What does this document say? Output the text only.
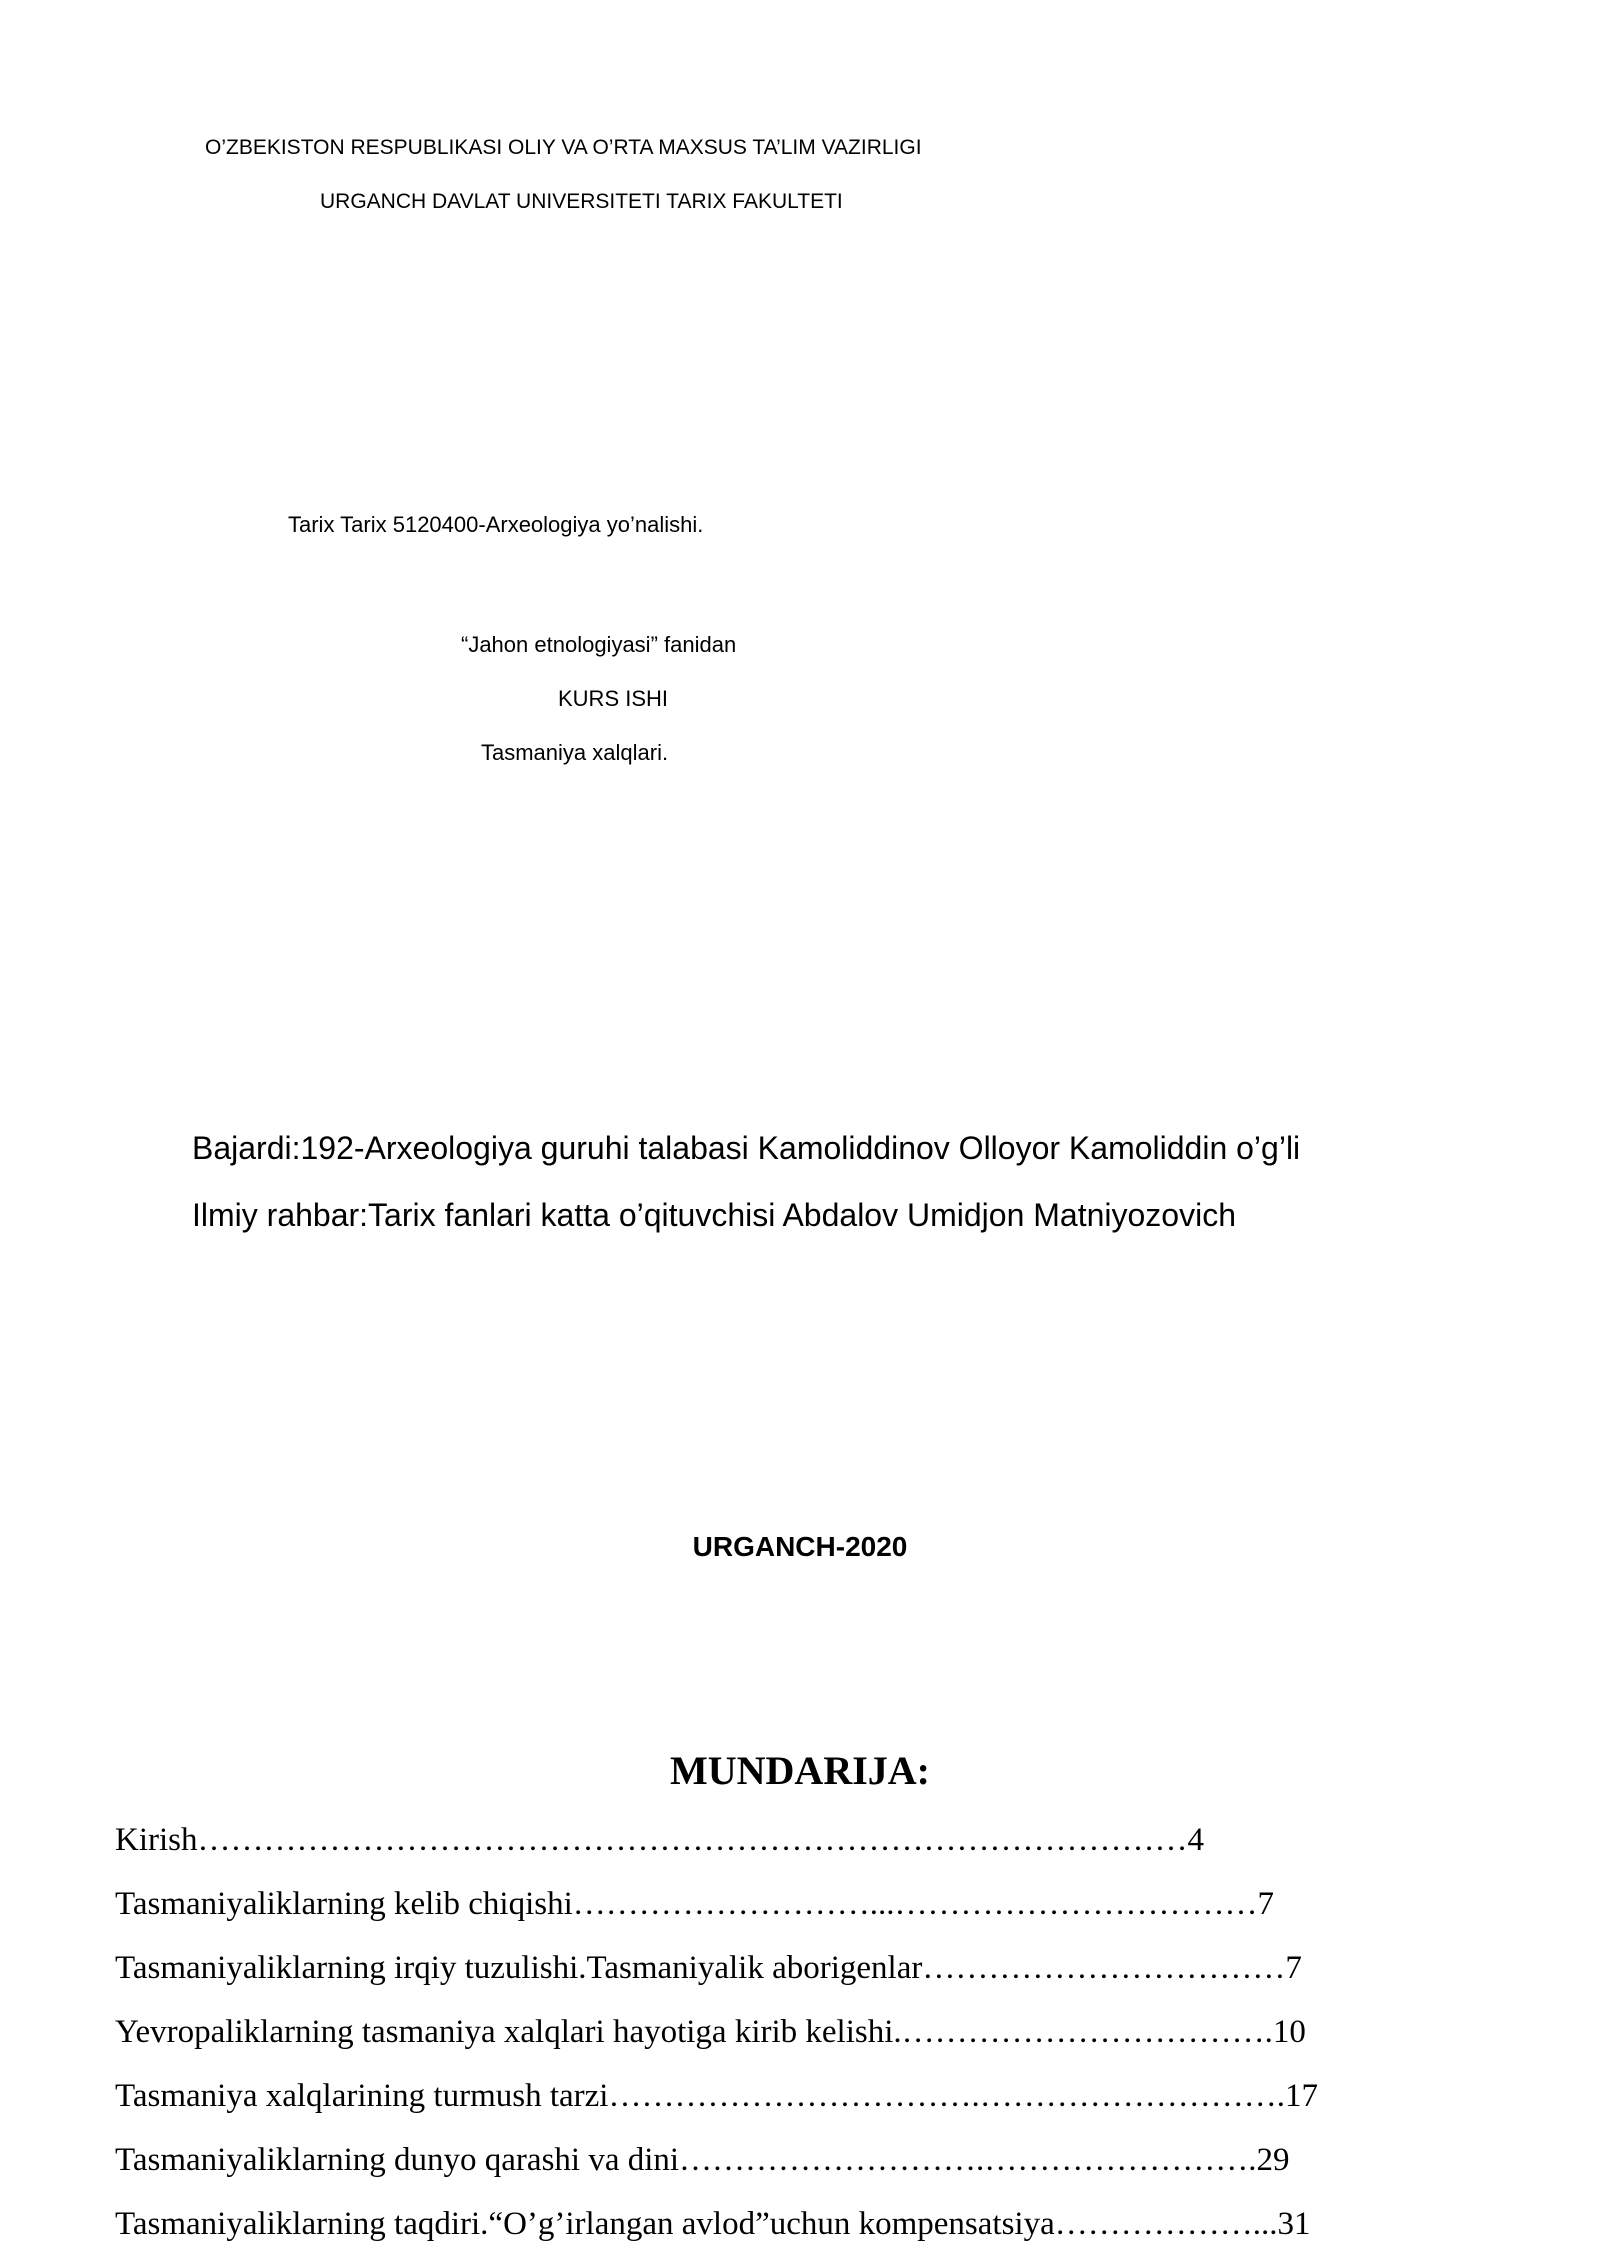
O’ZBEKISTON RESPUBLIKASI OLIY VA O’RTA MAXSUS TA’LIM VAZIRLIGI
URGANCH DAVLAT UNIVERSITETI TARIX FAKULTETI
Tarix Tarix 5120400-Arxeologiya yo’nalishi.
“Jahon etnologiyasi” fanidan
KURS ISHI
Tasmaniya xalqlari.
Bajardi:192-Arxeologiya guruhi talabasi Kamoliddinov Olloyor Kamoliddin o’g’li
Ilmiy rahbar:Tarix fanlari katta o’qituvchisi Abdalov Umidjon Matniyozovich
URGANCH-2020
MUNDARIJA:
Kirish………………………………………………………………………………4
Tasmaniyaliklarning kelib chiqishi………………………...……………………………7
Tasmaniyaliklarning irqiy tuzulishi.Tasmaniyalik aborigenlar……………………………7
Yevropaliklarning tasmaniya xalqlari hayotiga kirib kelishi.…………………………….10
Tasmaniya xalqlarining turmush tarzi…………………………….……………………….17
Tasmaniyaliklarning dunyo qarashi va dini……………………….…………………….29
Tasmaniyaliklarning taqdiri.“O’g’irlangan avlod”uchun kompensatsiya………………...31
